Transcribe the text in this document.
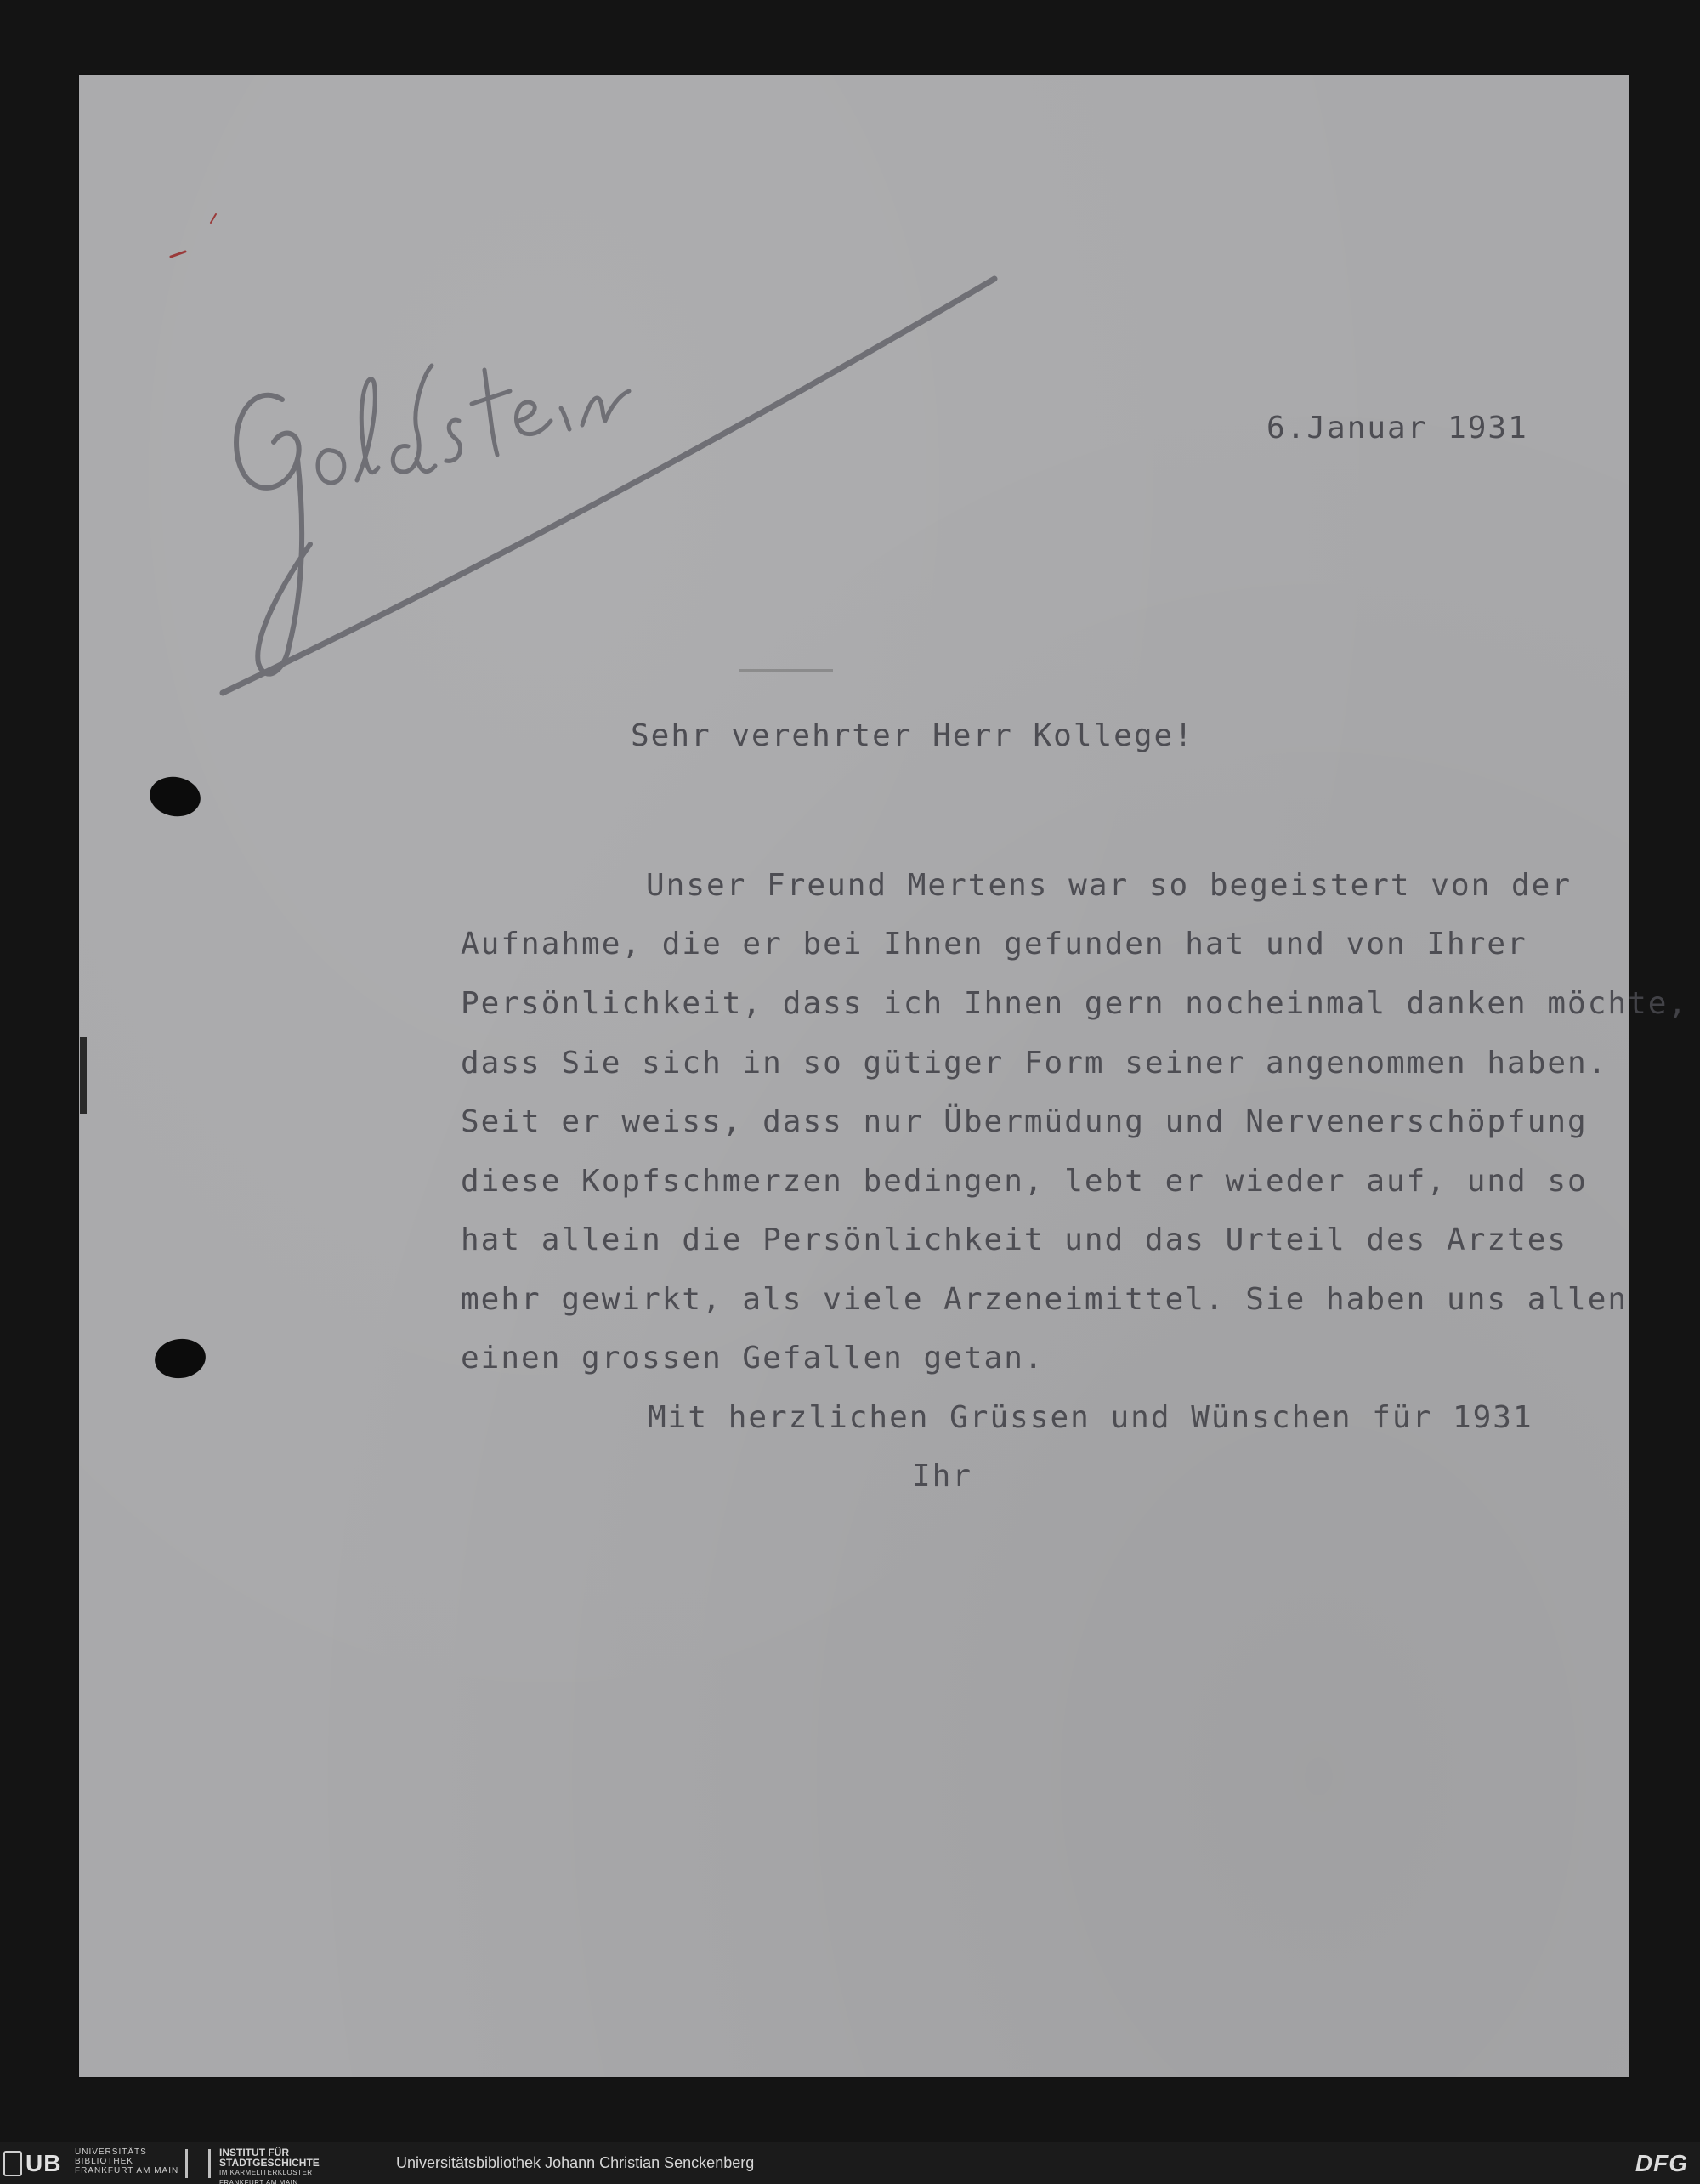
6.Januar 1931

Sehr verehrter Herr Kollege!

Unser Freund Mertens war so begeistert von der

Aufnahme, die er bei Ihnen gefunden hat und von Ihrer

Persönlichkeit, dass ich Ihnen gern nocheinmal danken möchte,

dass Sie sich in so gütiger Form seiner angenommen haben.

Seit er weiss, dass nur Übermüdung und Nervenerschöpfung

diese Kopfschmerzen bedingen, lebt er wieder auf, und so

hat allein die Persönlichkeit und das Urteil des Arztes

mehr gewirkt, als viele Arzeneimittel. Sie haben uns allen

einen grossen Gefallen getan.

Mit herzlichen Grüssen und Wünschen für 1931

Ihr

UB UNIVERSITÄTS
BIBLIOTHEK
FRANKFURT AM MAIN
INSTITUT FÜR
STADTGESCHICHTE
IM KARMELITERKLOSTER
FRANKFURT AM MAIN
Universitätsbibliothek Johann Christian Senckenberg	DFG
